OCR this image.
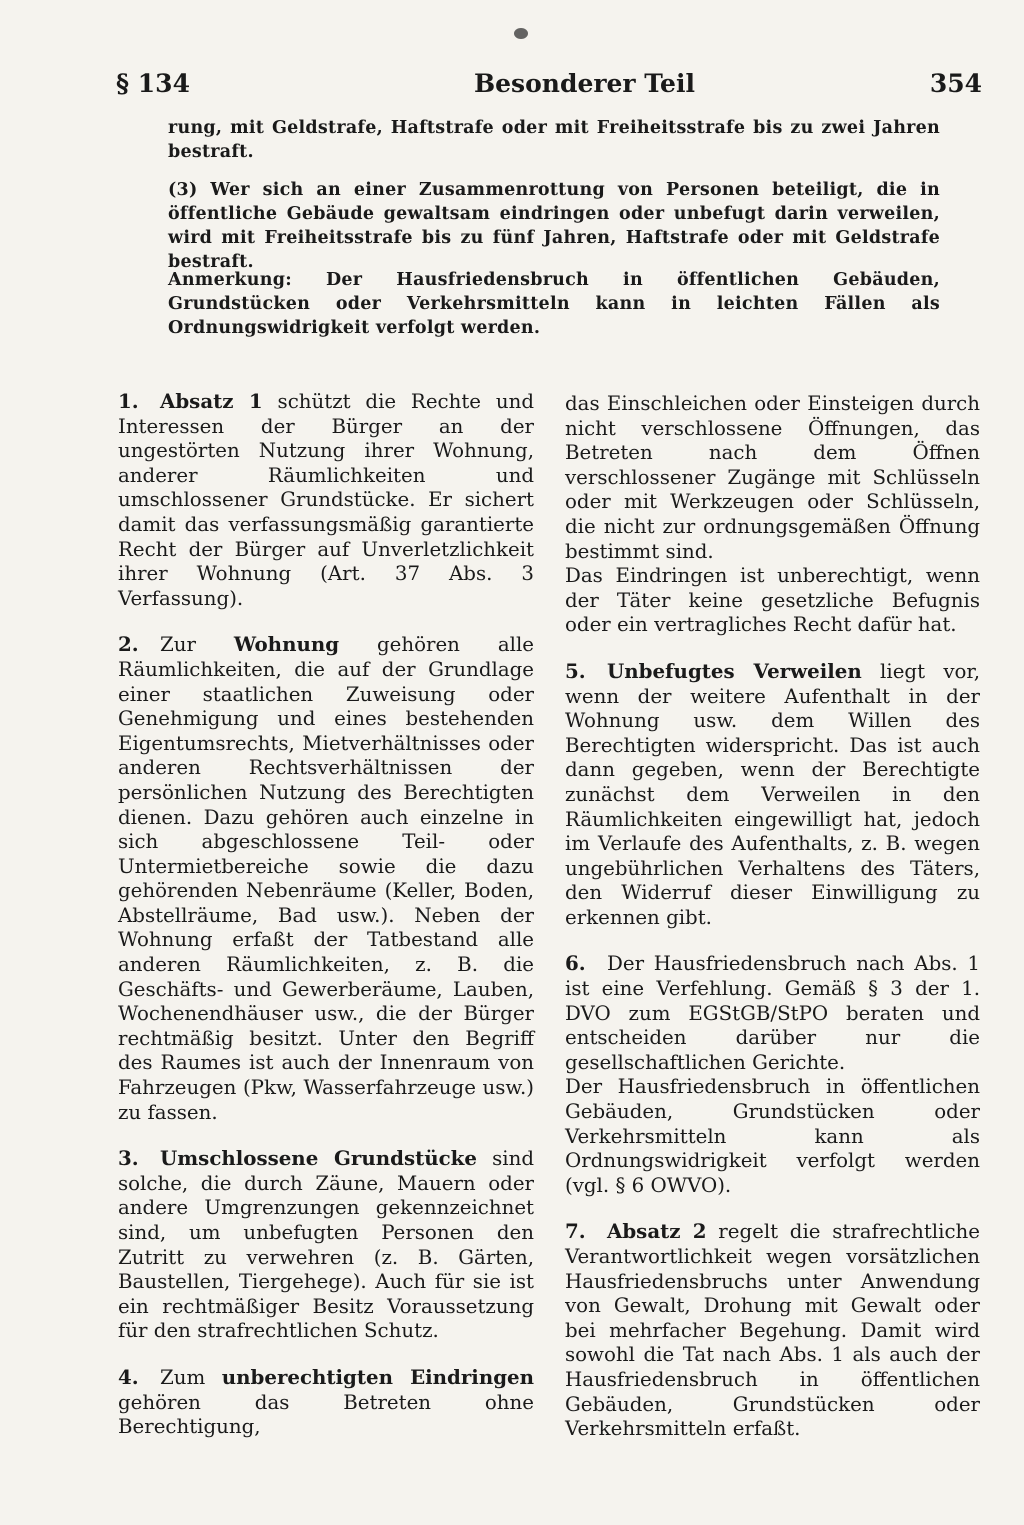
§ 134	Besonderer Teil	354

rung, mit Geldstrafe, Haftstrafe oder mit Freiheitsstrafe bis zu zwei Jahren bestraft.

(3) Wer sich an einer Zusammenrottung von Personen beteiligt, die in öffentliche Gebäude gewaltsam eindringen oder unbefugt darin verweilen, wird mit Freiheitsstrafe bis zu fünf Jahren, Haftstrafe oder mit Geldstrafe bestraft.

Anmerkung: Der Hausfriedensbruch in öffentlichen Gebäuden, Grundstücken oder Verkehrsmitteln kann in leichten Fällen als Ordnungswidrigkeit verfolgt werden.

1. Absatz 1 schützt die Rechte und Interessen der Bürger an der ungestörten Nutzung ihrer Wohnung, anderer Räumlichkeiten und umschlossener Grundstücke. Er sichert damit das verfassungsmäßig garantierte Recht der Bürger auf Unverletzlichkeit ihrer Wohnung (Art. 37 Abs. 3 Verfassung).

2. Zur Wohnung gehören alle Räumlichkeiten, die auf der Grundlage einer staatlichen Zuweisung oder Genehmigung und eines bestehenden Eigentumsrechts, Mietverhältnisses oder anderen Rechtsverhältnissen der persönlichen Nutzung des Berechtigten dienen. Dazu gehören auch einzelne in sich abgeschlossene Teil- oder Untermietbereiche sowie die dazu gehörenden Nebenräume (Keller, Boden, Abstellräume, Bad usw.). Neben der Wohnung erfaßt der Tatbestand alle anderen Räumlichkeiten, z. B. die Geschäfts- und Gewerberäume, Lauben, Wochenendhäuser usw., die der Bürger rechtmäßig besitzt. Unter den Begriff des Raumes ist auch der Innenraum von Fahrzeugen (Pkw, Wasserfahrzeuge usw.) zu fassen.

3. Umschlossene Grundstücke sind solche, die durch Zäune, Mauern oder andere Umgrenzungen gekennzeichnet sind, um unbefugten Personen den Zutritt zu verwehren (z. B. Gärten, Baustellen, Tiergehege). Auch für sie ist ein rechtmäßiger Besitz Voraussetzung für den strafrechtlichen Schutz.

4. Zum unberechtigten Eindringen gehören das Betreten ohne Berechtigung,

das Einschleichen oder Einsteigen durch nicht verschlossene Öffnungen, das Betreten nach dem Öffnen verschlossener Zugänge mit Schlüsseln oder mit Werkzeugen oder Schlüsseln, die nicht zur ordnungsgemäßen Öffnung bestimmt sind.

Das Eindringen ist unberechtigt, wenn der Täter keine gesetzliche Befugnis oder ein vertragliches Recht dafür hat.

5. Unbefugtes Verweilen liegt vor, wenn der weitere Aufenthalt in der Wohnung usw. dem Willen des Berechtigten widerspricht. Das ist auch dann gegeben, wenn der Berechtigte zunächst dem Verweilen in den Räumlichkeiten eingewilligt hat, jedoch im Verlaufe des Aufenthalts, z. B. wegen ungebührlichen Verhaltens des Täters, den Widerruf dieser Einwilligung zu erkennen gibt.

6. Der Hausfriedensbruch nach Abs. 1 ist eine Verfehlung. Gemäß § 3 der 1. DVO zum EGStGB/StPO beraten und entscheiden darüber nur die gesellschaftlichen Gerichte.

Der Hausfriedensbruch in öffentlichen Gebäuden, Grundstücken oder Verkehrsmitteln kann als Ordnungswidrigkeit verfolgt werden (vgl. § 6 OWVO).

7. Absatz 2 regelt die strafrechtliche Verantwortlichkeit wegen vorsätzlichen Hausfriedensbruchs unter Anwendung von Gewalt, Drohung mit Gewalt oder bei mehrfacher Begehung. Damit wird sowohl die Tat nach Abs. 1 als auch der Hausfriedensbruch in öffentlichen Gebäuden, Grundstücken oder Verkehrsmitteln erfaßt.
